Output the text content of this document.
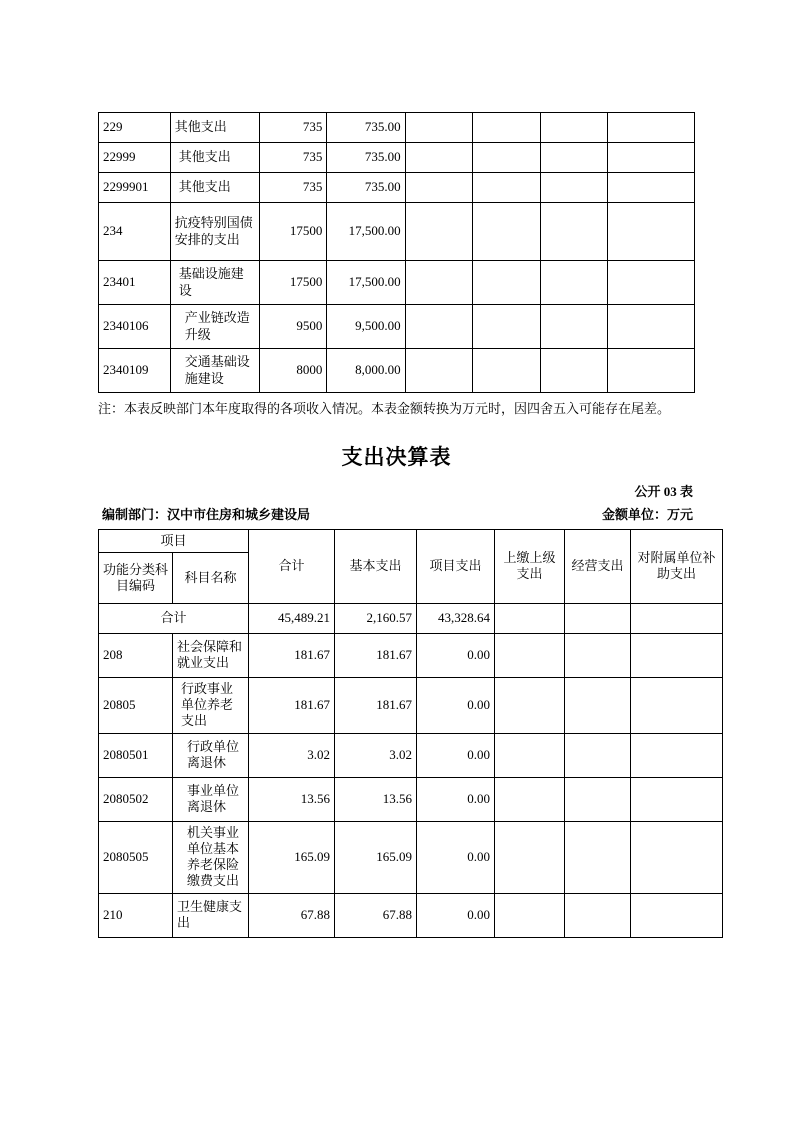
229	其他支出	735	735.00				
22999	其他支出	735	735.00				
2299901	其他支出	735	735.00				
234	抗疫特别国债安排的支出	17500	17,500.00				
23401	基础设施建设	17500	17,500.00				
2340106	产业链改造升级	9500	9,500.00				
2340109	交通基础设施建设	8000	8,000.00				
注：本表反映部门本年度取得的各项收入情况。本表金额转换为万元时，因四舍五入可能存在尾差。
支出决算表
公开 03 表
编制部门：汉中市住房和城乡建设局	金额单位：万元
项目		合计	基本支出	项目支出	上缴上级支出	经营支出	对附属单位补助支出
功能分类科目编码	科目名称						
合计		45,489.21	2,160.57	43,328.64			
208	社会保障和就业支出	181.67	181.67	0.00			
20805	行政事业单位养老支出	181.67	181.67	0.00			
2080501	行政单位离退休	3.02	3.02	0.00			
2080502	事业单位离退休	13.56	13.56	0.00			
2080505	机关事业单位基本养老保险缴费支出	165.09	165.09	0.00			
210	卫生健康支出	67.88	67.88	0.00			
